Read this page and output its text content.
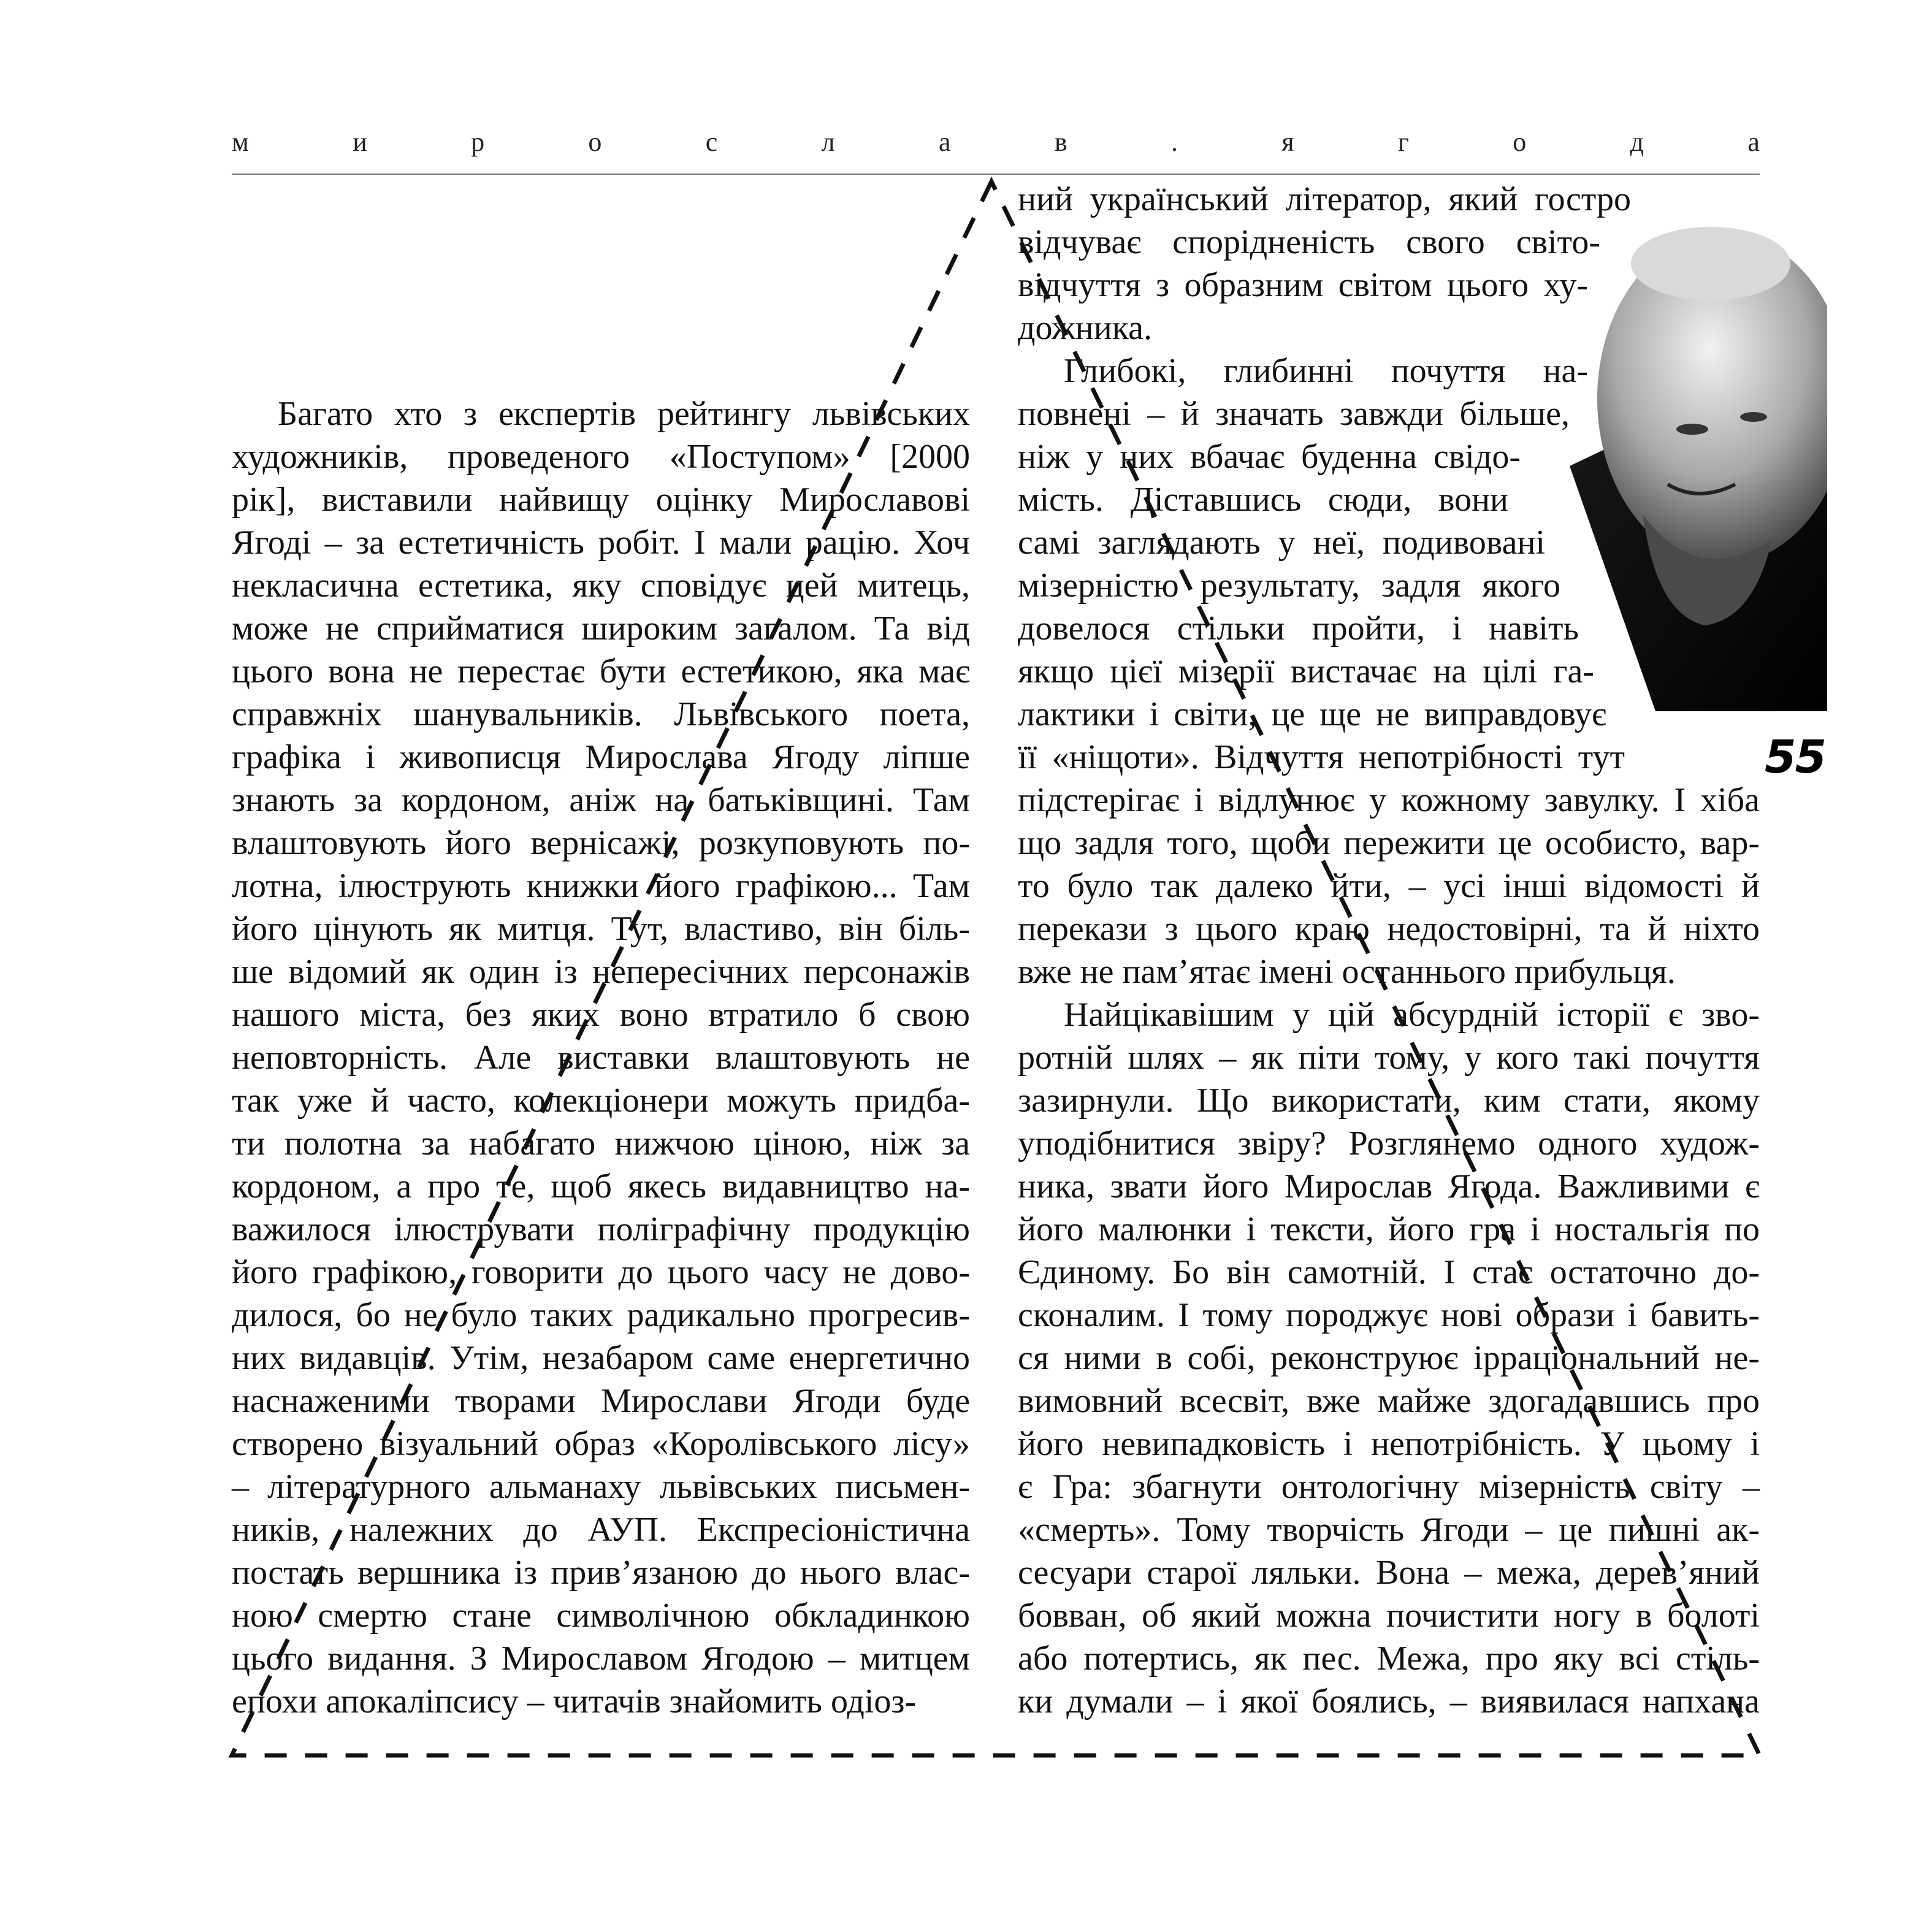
м	и	р	о	с	л	а	в	.	я	г	о	д	а
Багато хто з експертів рейтингу львівських
художників, проведеного «Поступом» [2000
рік], виставили найвищу оцінку Мирославові
Ягоді – за естетичність робіт. І мали рацію. Хоч
некласична естетика, яку сповідує цей митець,
може не сприйматися широким загалом. Та від
цього вона не перестає бути естетикою, яка має
справжніх шанувальників. Львівського поета,
графіка і живописця Мирослава Ягоду ліпше
знають за кордоном, аніж на батьківщині. Там
влаштовують його вернісажі, розкуповують по-
лотна, ілюструють книжки його графікою... Там
його цінують як митця. Тут, властиво, він біль-
ше відомий як один із непересічних персонажів
нашого міста, без яких воно втратило б свою
неповторність. Але виставки влаштовують не
так уже й часто, колекціонери можуть придба-
ти полотна за набагато нижчою ціною, ніж за
кордоном, а про те, щоб якесь видавництво на-
важилося ілюструвати поліграфічну продукцію
його графікою, говорити до цього часу не дово-
дилося, бо не було таких радикально прогресив-
них видавців. Утім, незабаром саме енергетично
наснаженими творами Мирослави Ягоди буде
створено візуальний образ «Королівського лісу»
– літературного альманаху львівських письмен-
ників, належних до АУП. Експресіоністична
постать вершника із прив’язаною до нього влас-
ною смертю стане символічною обкладинкою
цього видання. З Мирославом Ягодою – митцем
епохи апокаліпсису – читачів знайомить одіоз-
ний український літератор, який гостро
відчуває спорідненість свого світо-
відчуття з образним світом цього ху-
дожника.
Глибокі, глибинні почуття на-
повнені – й значать завжди більше,
ніж у них вбачає буденна свідо-
мість. Діставшись сюди, вони
самі заглядають у неї, подивовані
мізерністю результату, задля якого
довелося стільки пройти, і навіть
якщо цієї мізерії вистачає на цілі га-
лактики і світи, це ще не виправдовує
її «нiщоти». Відчуття непотрібності тут
підстерігає і відлунює у кожному завулку. І хіба
що задля того, щоби пережити це особисто, вар-
то було так далеко йти, – усі інші відомості й
перекази з цього краю недостовірні, та й ніхто
вже не пам’ятає імені останнього прибульця.
Найцікавішим у цій абсурдній історії є зво-
ротній шлях – як піти тому, у кого такі почуття
зазирнули. Що використати, ким стати, якому
уподібнитися звіру? Розглянемо одного худож-
ника, звати його Мирослав Ягода. Важливими є
його малюнки і тексти, його гра і ностальгія по
Єдиному. Бо він самотній. І стає остаточно до-
сконалим. І тому породжує нові образи і бавить-
ся ними в собі, реконструює ірраціональний не-
вимовний всесвіт, вже майже здогадавшись про
його невипадковість і непотрібність. У цьому і
є Гра: збагнути онтологічну мізерність світу –
«смерть». Тому творчість Ягоди – це пишні ак-
сесуари старої ляльки. Вона – межа, дерев’яний
бовван, об який можна почистити ногу в болоті
або потертись, як пес. Межа, про яку всі стіль-
ки думали – і якої боялись, – виявилася напхана
55
